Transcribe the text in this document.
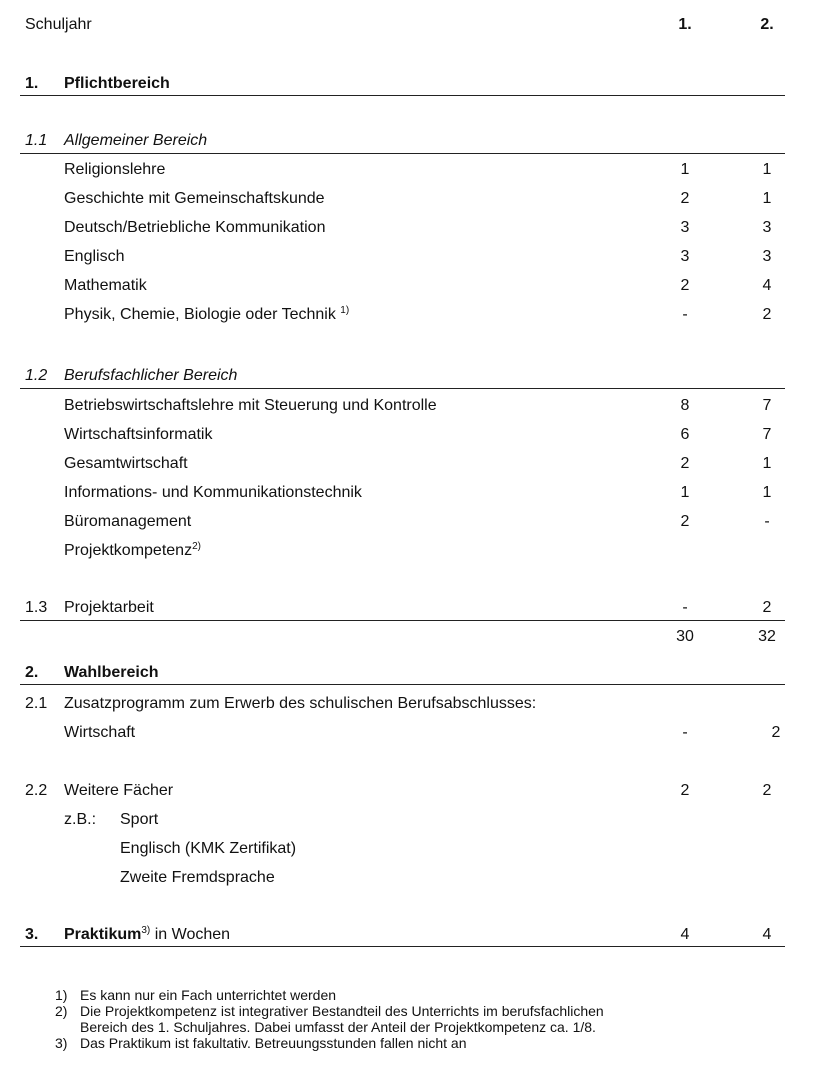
Schuljahr	1.	2.
1. Pflichtbereich
1.1 Allgemeiner Bereich
Religionslehre	1	1
Geschichte mit Gemeinschaftskunde	2	1
Deutsch/Betriebliche Kommunikation	3	3
Englisch	3	3
Mathematik	2	4
Physik, Chemie, Biologie oder Technik $^{1)}$	-	2
1.2 Berufsfachlicher Bereich
Betriebswirtschaftslehre mit Steuerung und Kontrolle	8	7
Wirtschaftsinformatik	6	7
Gesamtwirtschaft	2	1
Informations- und Kommunikationstechnik	1	1
Büromanagement	2	-
Projektkompetenz$^{2)}$
1.3 Projektarbeit	-	2
30	32
2. Wahlbereich
2.1 Zusatzprogramm zum Erwerb des schulischen Berufsabschlusses:
Wirtschaft	-	2
2.2 Weitere Fächer	2	2
z.B.: Sport
Englisch (KMK Zertifikat)
Zweite Fremdsprache
3. Praktikum$^{3)}$ in Wochen	4	4
1) Es kann nur ein Fach unterrichtet werden
2) Die Projektkompetenz ist integrativer Bestandteil des Unterrichts im berufsfachlichen
Bereich des 1. Schuljahres. Dabei umfasst der Anteil der Projektkompetenz ca. 1/8.
3) Das Praktikum ist fakultativ. Betreuungsstunden fallen nicht an
